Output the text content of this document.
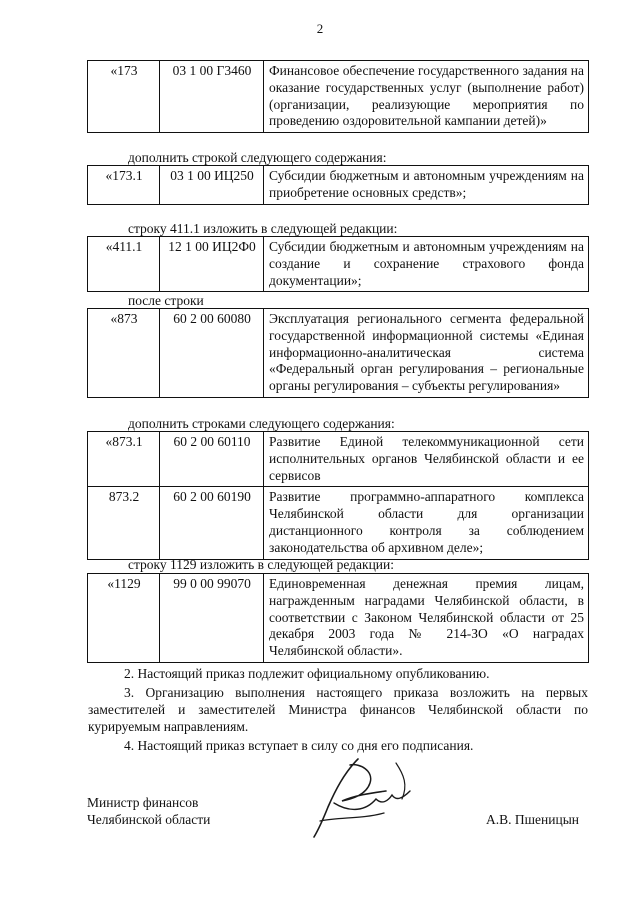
2
«173	03 1 00 Г3460	Финансовое обеспечение государственного задания на оказание государственных услуг (выполнение работ) (организации, реализующие мероприятия по проведению оздоровительной кампании детей)»
дополнить строкой следующего содержания:
«173.1	03 1 00 ИЦ250	Субсидии бюджетным и автономным учреждениям на приобретение основных средств»;
строку 411.1 изложить в следующей редакции:
«411.1	12 1 00 ИЦ2Ф0	Субсидии бюджетным и автономным учреждениям на создание и сохранение страхового фонда документации»;
после строки
«873	60 2 00 60080	Эксплуатация регионального сегмента федеральной государственной информационной системы «Единая информационно-аналитическая система «Федеральный орган регулирования – региональные органы регулирования – субъекты регулирования»
дополнить строками следующего содержания:
«873.1	60 2 00 60110	Развитие Единой телекоммуникационной сети исполнительных органов Челябинской области и ее сервисов
873.2	60 2 00 60190	Развитие программно-аппаратного комплекса Челябинской области для организации дистанционного контроля за соблюдением законодательства об архивном деле»;
строку 1129 изложить в следующей редакции:
«1129	99 0 00 99070	Единовременная денежная премия лицам, награжденным наградами Челябинской области, в соответствии с Законом Челябинской области от 25 декабря 2003 года № 214-ЗО «О наградах Челябинской области».
2. Настоящий приказ подлежит официальному опубликованию.
3. Организацию выполнения настоящего приказа возложить на первых заместителей и заместителей Министра финансов Челябинской области по курируемым направлениям.
4. Настоящий приказ вступает в силу со дня его подписания.
Министр финансов
Челябинской области	А.В. Пшеницын
